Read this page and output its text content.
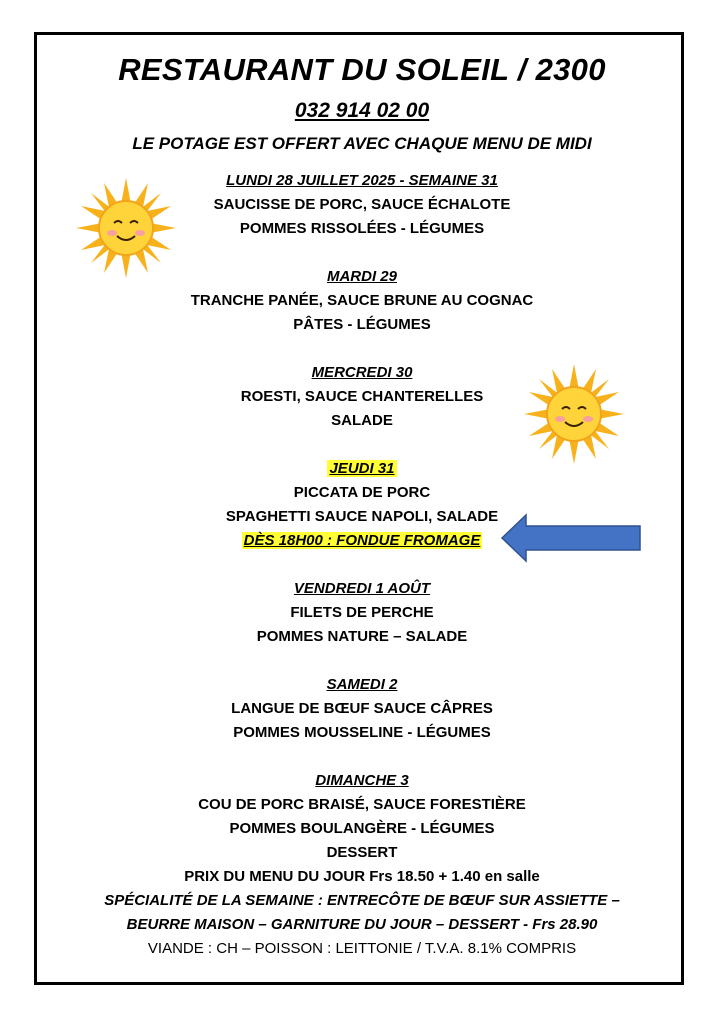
RESTAURANT DU SOLEIL / 2300
032 914 02 00
LE POTAGE EST OFFERT AVEC CHAQUE MENU DE MIDI
LUNDI 28 JUILLET 2025 - SEMAINE 31
SAUCISSE DE PORC, SAUCE ÉCHALOTE
POMMES RISSOLÉES - LÉGUMES
MARDI 29
TRANCHE PANÉE, SAUCE BRUNE AU COGNAC
PÂTES - LÉGUMES
MERCREDI 30
ROESTI, SAUCE CHANTERELLES
SALADE
JEUDI 31
PICCATA DE PORC
SPAGHETTI SAUCE NAPOLI, SALADE
DÈS 18H00 : FONDUE FROMAGE
VENDREDI 1 AOÛT
FILETS DE PERCHE
POMMES NATURE – SALADE
SAMEDI 2
LANGUE DE BŒUF SAUCE CÂPRES
POMMES MOUSSELINE - LÉGUMES
DIMANCHE 3
COU DE PORC BRAISÉ, SAUCE FORESTIÈRE
POMMES BOULANGÈRE - LÉGUMES
DESSERT
PRIX DU MENU DU JOUR Frs 18.50 + 1.40 en salle
SPÉCIALITÉ DE LA SEMAINE : ENTRECÔTE DE BŒUF SUR ASSIETTE –
BEURRE MAISON – GARNITURE DU JOUR – DESSERT - Frs 28.90
VIANDE : CH – POISSON : LEITTONIE / T.V.A. 8.1% COMPRIS
